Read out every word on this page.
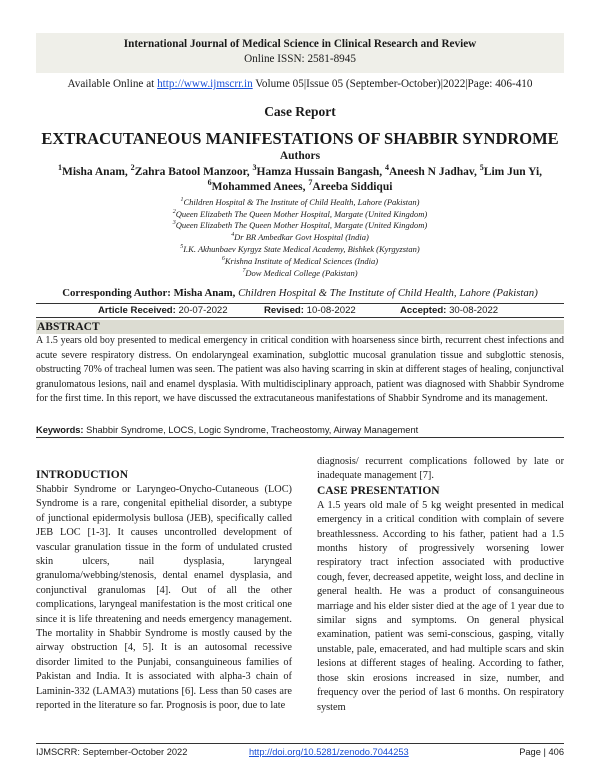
International Journal of Medical Science in Clinical Research and Review
Online ISSN: 2581-8945
Available Online at http://www.ijmscrr.in Volume 05|Issue 05 (September-October)|2022|Page: 406-410
Case Report
EXTRACUTANEOUS MANIFESTATIONS OF SHABBIR SYNDROME
Authors
$^1$Misha Anam, $^2$Zahra Batool Manzoor, $^3$Hamza Hussain Bangash, $^4$Aneesh N Jadhav, $^5$Lim Jun Yi,
$^6$Mohammed Anees, $^7$Areeba Siddiqui
$^1$Children Hospital & The Institute of Child Health, Lahore (Pakistan)
$^2$Queen Elizabeth The Queen Mother Hospital, Margate (United Kingdom)
$^3$Queen Elizabeth The Queen Mother Hospital, Margate (United Kingdom)
$^4$Dr BR Ambedkar Govt Hospital (India)
$^5$I.K. Akhunbaev Kyrgyz State Medical Academy, Bishkek (Kyrgyzstan)
$^6$Krishna Institute of Medical Sciences (India)
$^7$Dow Medical College (Pakistan)
Corresponding Author: Misha Anam, Children Hospital & The Institute of Child Health, Lahore (Pakistan)
Article Received: 20-07-2022	Revised: 10-08-2022	Accepted: 30-08-2022
ABSTRACT
A 1.5 years old boy presented to medical emergency in critical condition with hoarseness since birth, recurrent chest infections and acute severe respiratory distress. On endolaryngeal examination, subglottic mucosal granulation tissue and subglottic stenosis, obstructing 70% of tracheal lumen was seen. The patient was also having scarring in skin at different stages of healing, conjunctival granulomatous lesions, nail and enamel dysplasia. With multidisciplinary approach, patient was diagnosed with Shabbir Syndrome for the first time. In this report, we have discussed the extracutaneous manifestations of Shabbir Syndrome and its management.
Keywords: Shabbir Syndrome, LOCS, Logic Syndrome, Tracheostomy, Airway Management
INTRODUCTION
Shabbir Syndrome or Laryngeo-Onycho-Cutaneous (LOC) Syndrome is a rare, congenital epithelial disorder, a subtype of junctional epidermolysis bullosa (JEB), specifically called JEB LOC [1-3]. It causes uncontrolled development of vascular granulation tissue in the form of undulated crusted skin ulcers, nail dysplasia, laryngeal granuloma/webbing/stenosis, dental enamel dysplasia, and conjunctival granulomas [4]. Out of all the other complications, laryngeal manifestation is the most critical one since it is life threatening and needs emergency management. The mortality in Shabbir Syndrome is mostly caused by the airway obstruction [4, 5]. It is an autosomal recessive disorder limited to the Punjabi, consanguineous families of Pakistan and India. It is associated with alpha-3 chain of Laminin-332 (LAMA3) mutations [6]. Less than 50 cases are reported in the literature so far. Prognosis is poor, due to late
diagnosis/ recurrent complications followed by late or inadequate management [7].
CASE PRESENTATION
A 1.5 years old male of 5 kg weight presented in medical emergency in a critical condition with complain of severe breathlessness. According to his father, patient had a 1.5 months history of progressively worsening lower respiratory tract infection associated with productive cough, fever, decreased appetite, weight loss, and decline in general health. He was a product of consanguineous marriage and his elder sister died at the age of 1 year due to similar signs and symptoms. On general physical examination, patient was semi-conscious, gasping, vitally unstable, pale, emacerated, and had multiple scars and skin lesions at different stages of healing. According to father, those skin erosions increased in size, number, and frequency over the period of last 6 months. On respiratory system
IJMSCRR: September-October 2022	http://doi.org/10.5281/zenodo.7044253	Page | 406
